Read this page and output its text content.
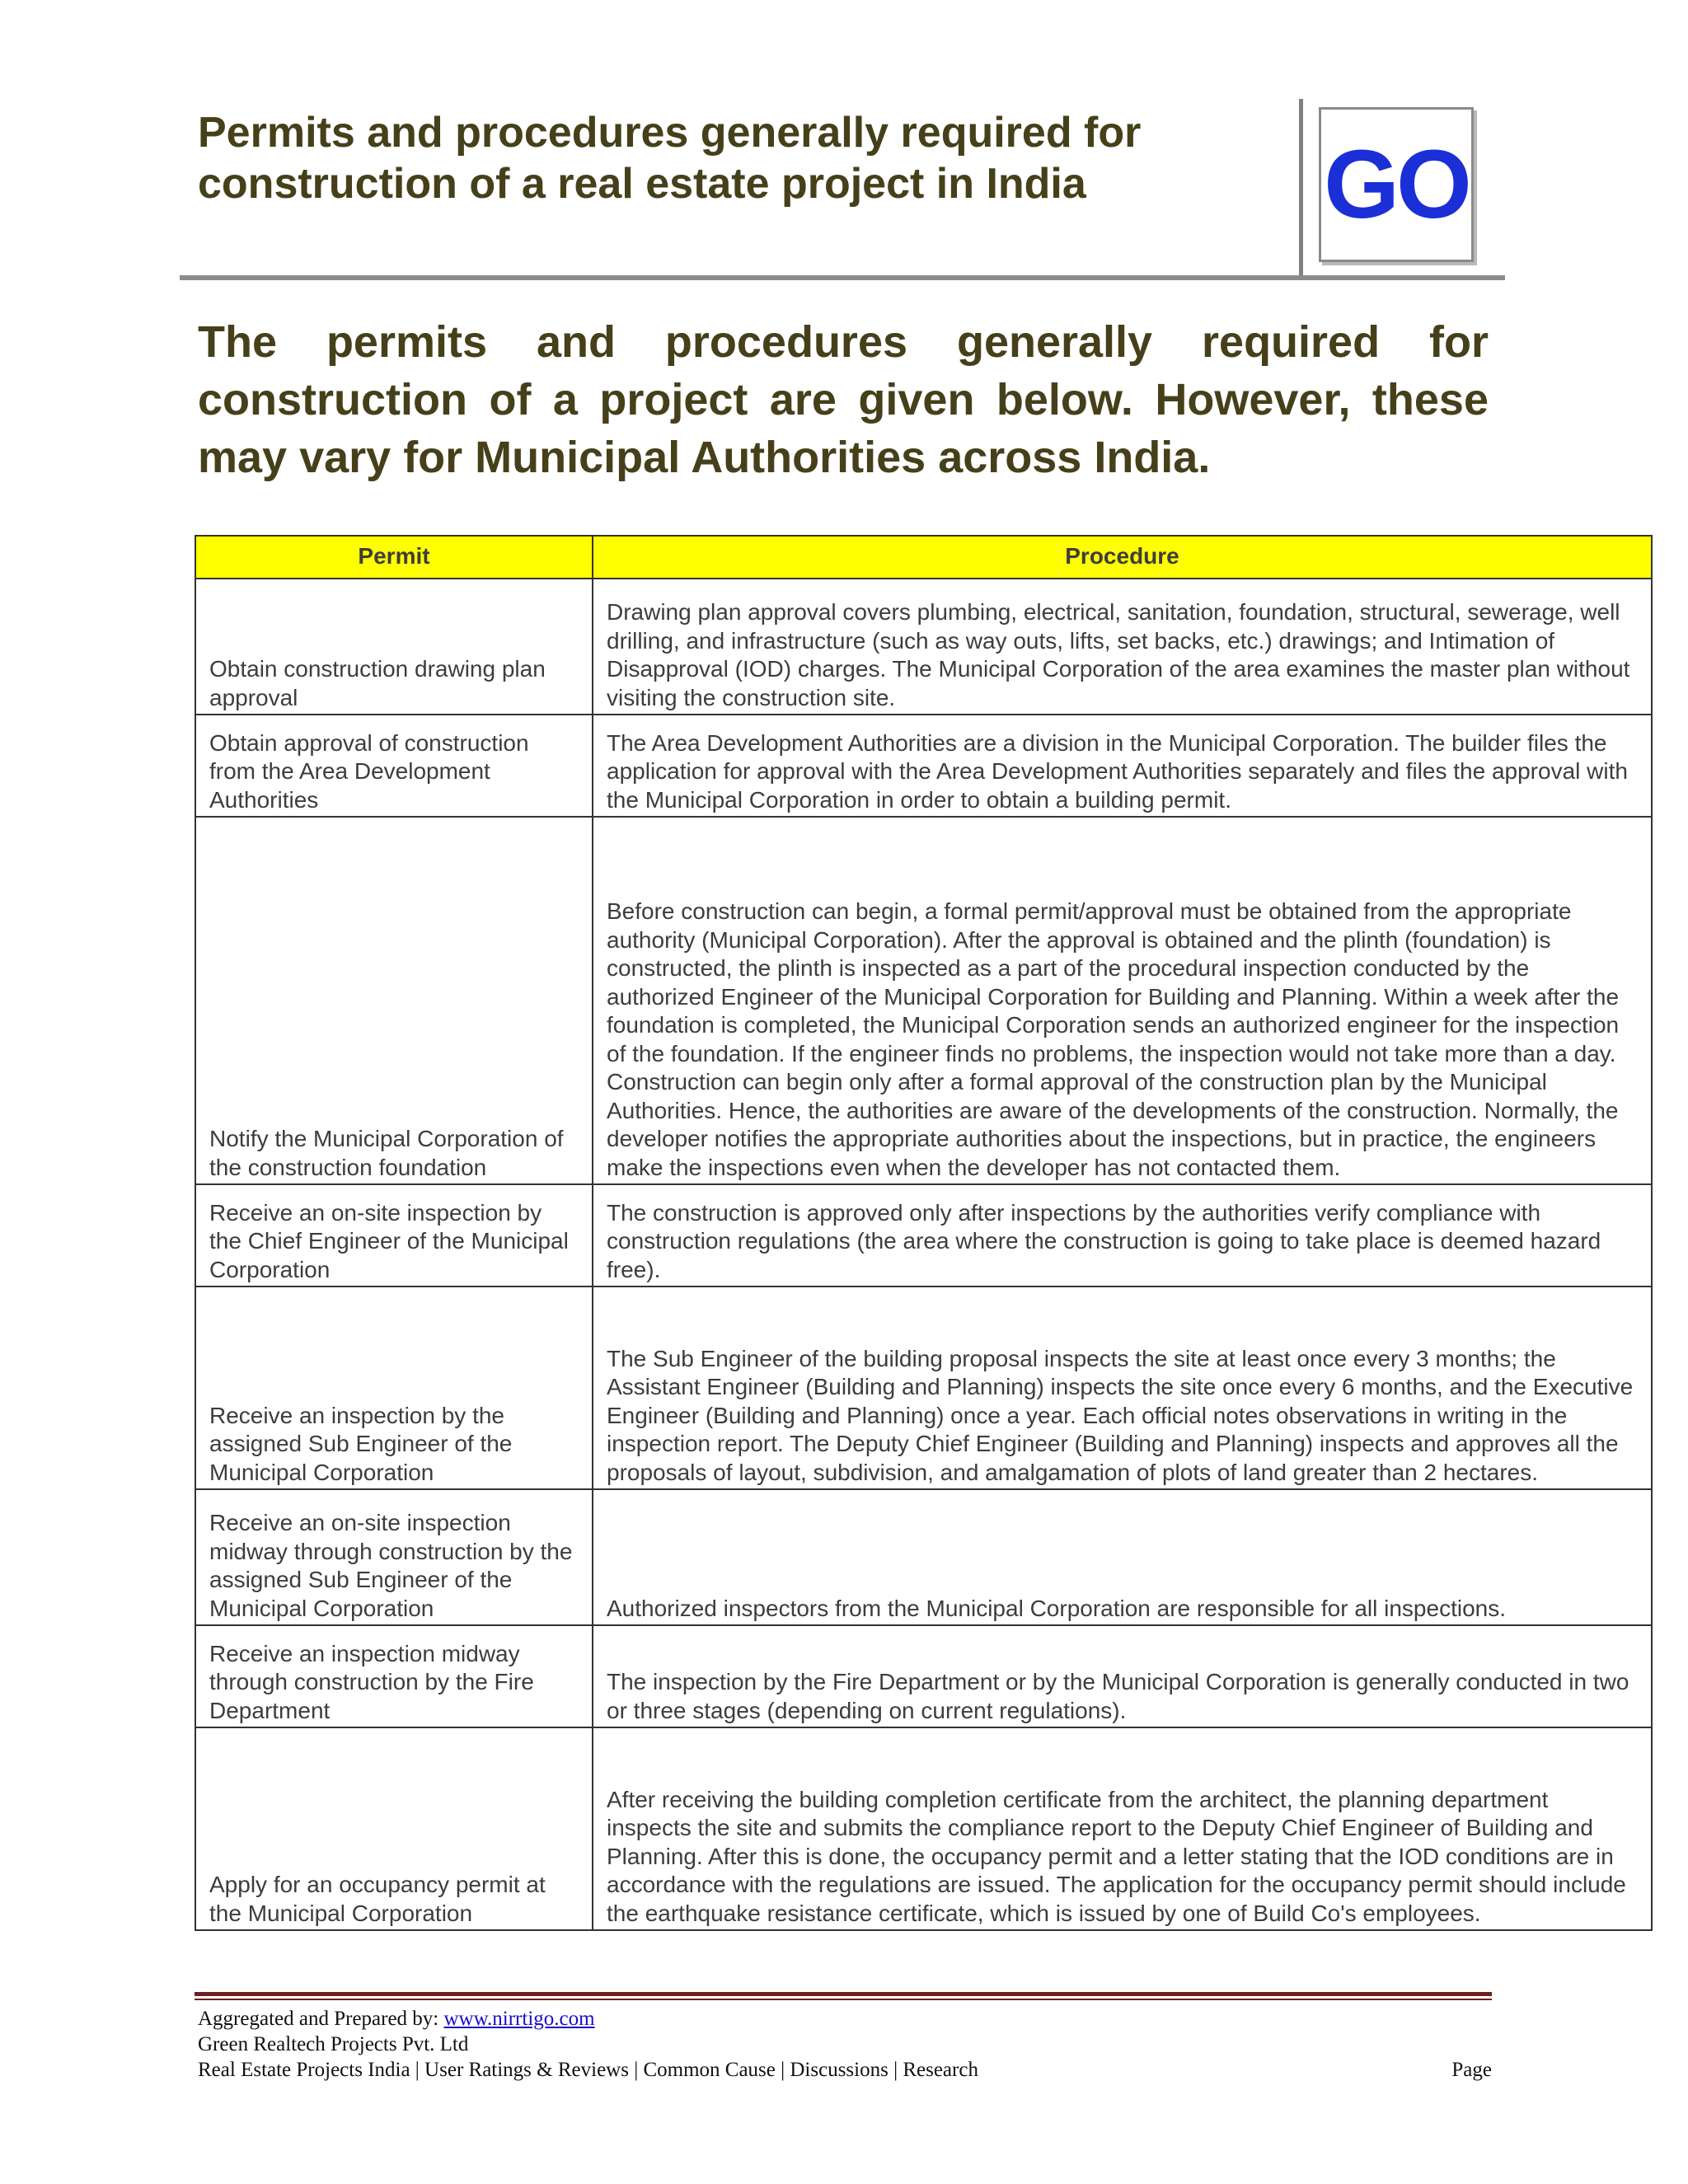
Permits and procedures generally required for
construction of a real estate project in India	GO
The permits and procedures generally required for construction of a project are given below. However, these may vary for Municipal Authorities across India.
Permit	Procedure
Obtain construction drawing plan approval	Drawing plan approval covers plumbing, electrical, sanitation, foundation, structural, sewerage, well drilling, and infrastructure (such as way outs, lifts, set backs, etc.) drawings; and Intimation of Disapproval (IOD) charges. The Municipal Corporation of the area examines the master plan without visiting the construction site.
Obtain approval of construction from the Area Development Authorities	The Area Development Authorities are a division in the Municipal Corporation. The builder files the application for approval with the Area Development Authorities separately and files the approval with the Municipal Corporation in order to obtain a building permit.
Notify the Municipal Corporation of the construction foundation	Before construction can begin, a formal permit/approval must be obtained from the appropriate authority (Municipal Corporation). After the approval is obtained and the plinth (foundation) is constructed, the plinth is inspected as a part of the procedural inspection conducted by the authorized Engineer of the Municipal Corporation for Building and Planning. Within a week after the foundation is completed, the Municipal Corporation sends an authorized engineer for the inspection of the foundation. If the engineer finds no problems, the inspection would not take more than a day. Construction can begin only after a formal approval of the construction plan by the Municipal Authorities. Hence, the authorities are aware of the developments of the construction. Normally, the developer notifies the appropriate authorities about the inspections, but in practice, the engineers make the inspections even when the developer has not contacted them.
Receive an on-site inspection by the Chief Engineer of the Municipal Corporation	The construction is approved only after inspections by the authorities verify compliance with construction regulations (the area where the construction is going to take place is deemed hazard free).
Receive an inspection by the assigned Sub Engineer of the Municipal Corporation	The Sub Engineer of the building proposal inspects the site at least once every 3 months; the Assistant Engineer (Building and Planning) inspects the site once every 6 months, and the Executive Engineer (Building and Planning) once a year. Each official notes observations in writing in the inspection report. The Deputy Chief Engineer (Building and Planning) inspects and approves all the proposals of layout, subdivision, and amalgamation of plots of land greater than 2 hectares.
Receive an on-site inspection midway through construction by the assigned Sub Engineer of the Municipal Corporation	Authorized inspectors from the Municipal Corporation are responsible for all inspections.
Receive an inspection midway through construction by the Fire Department	The inspection by the Fire Department or by the Municipal Corporation is generally conducted in two or three stages (depending on current regulations).
Apply for an occupancy permit at the Municipal Corporation	After receiving the building completion certificate from the architect, the planning department inspects the site and submits the compliance report to the Deputy Chief Engineer of Building and Planning. After this is done, the occupancy permit and a letter stating that the IOD conditions are in accordance with the regulations are issued. The application for the occupancy permit should include the earthquake resistance certificate, which is issued by one of Build Co's employees.
Aggregated and Prepared by: www.nirrtigo.com
Green Realtech Projects Pvt. Ltd
Real Estate Projects India | User Ratings & Reviews | Common Cause | Discussions | Research	Page
